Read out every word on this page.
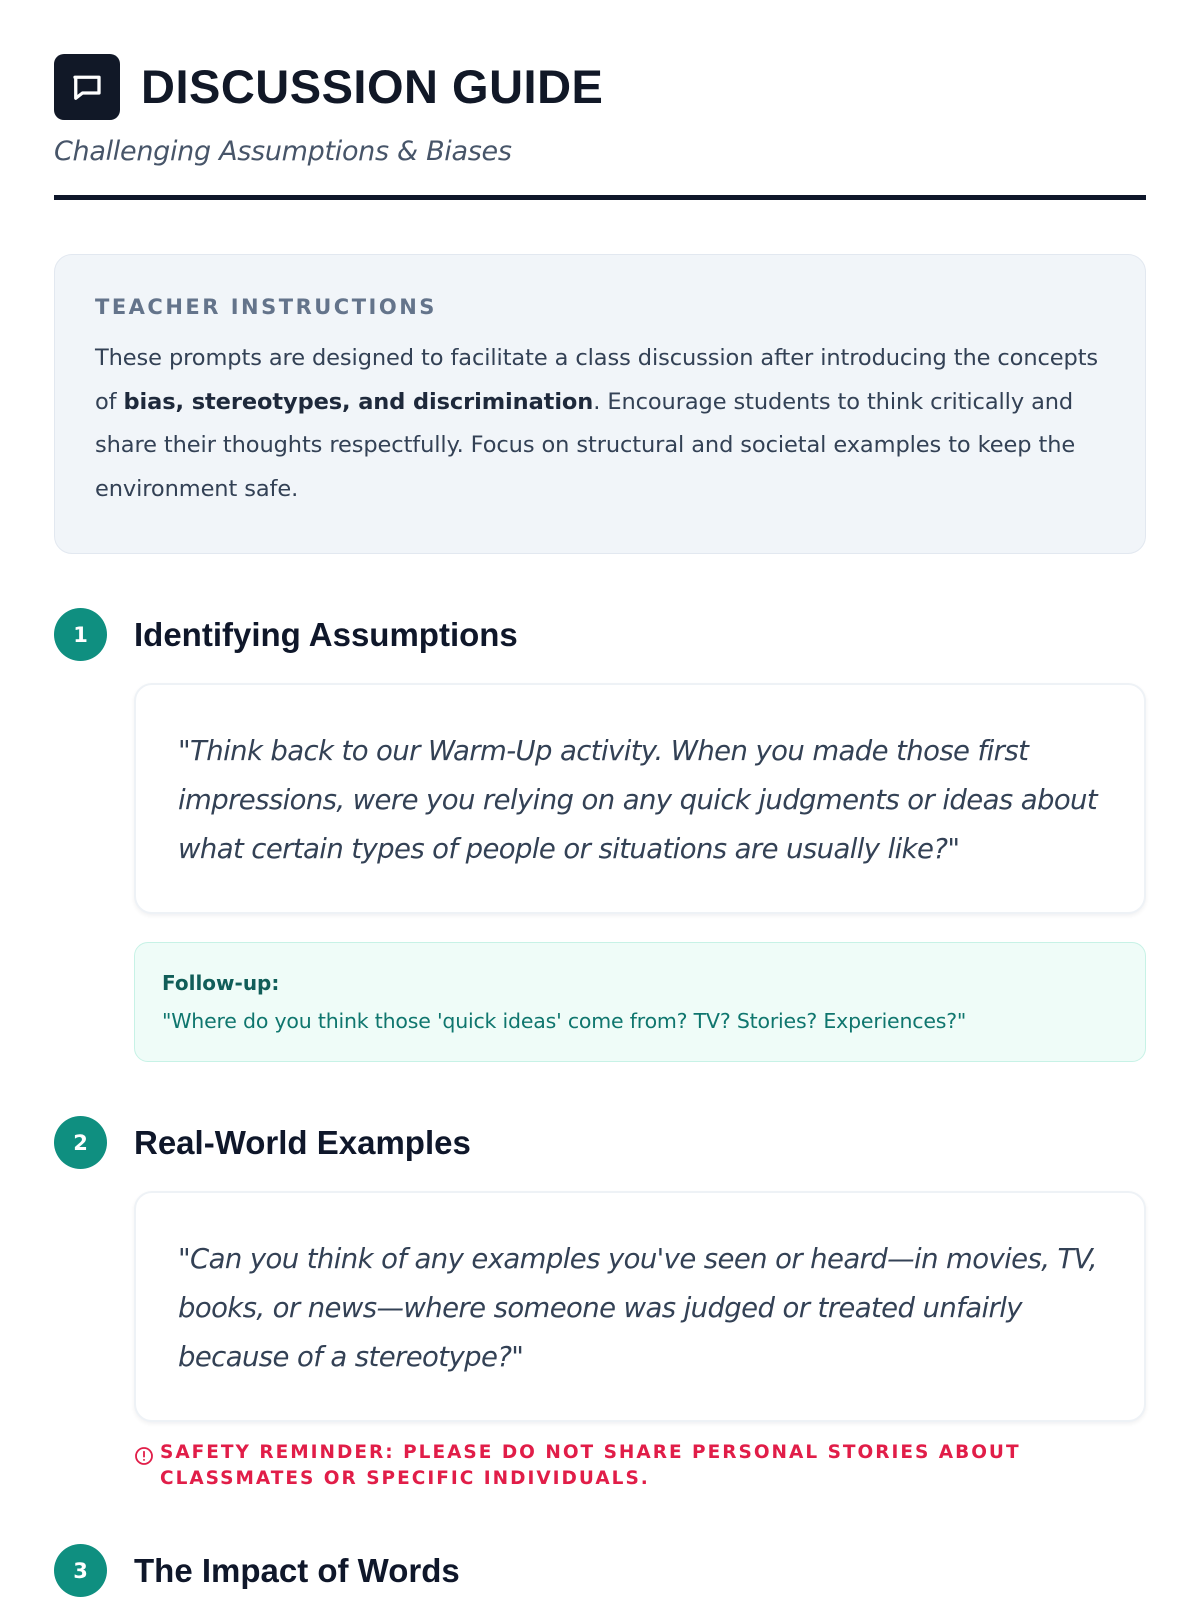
DISCUSSION GUIDE
Challenging Assumptions & Biases
TEACHER INSTRUCTIONS
These prompts are designed to facilitate a class discussion after introducing the concepts of bias, stereotypes, and discrimination. Encourage students to think critically and share their thoughts respectfully. Focus on structural and societal examples to keep the environment safe.
1	Identifying Assumptions
"Think back to our Warm-Up activity. When you made those first impressions, were you relying on any quick judgments or ideas about what certain types of people or situations are usually like?"
Follow-up:
"Where do you think those 'quick ideas' come from? TV? Stories? Experiences?"
2	Real-World Examples
"Can you think of any examples you've seen or heard—in movies, TV, books, or news—where someone was judged or treated unfairly because of a stereotype?"
SAFETY REMINDER: PLEASE DO NOT SHARE PERSONAL STORIES ABOUT CLASSMATES OR SPECIFIC INDIVIDUALS.
3	The Impact of Words
